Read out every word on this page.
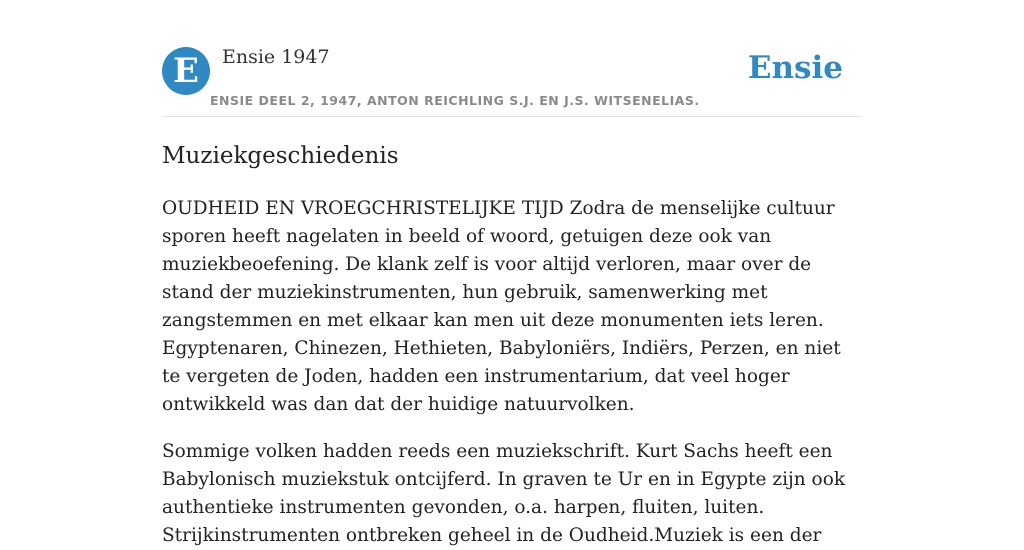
E	Ensie 1947
ENSIE DEEL 2, 1947, ANTON REICHLING S.J. EN J.S. WITSENELIAS.
Ensie
Muziekgeschiedenis

OUDHEID EN VROEGCHRISTELIJKE TIJD Zodra de menselijke cultuur sporen heeft nagelaten in beeld of woord, getuigen deze ook van muziekbeoefening. De klank zelf is voor altijd verloren, maar over de stand der muziekinstrumenten, hun gebruik, samenwerking met zangstemmen en met elkaar kan men uit deze monumenten iets leren. Egyptenaren, Chinezen, Hethieten, Babyloniërs, Indiërs, Perzen, en niet te vergeten de Joden, hadden een instrumentarium, dat veel hoger ontwikkeld was dan dat der huidige natuurvolken.

Sommige volken hadden reeds een muziekschrift. Kurt Sachs heeft een Babylonisch muziekstuk ontcijferd. In graven te Ur en in Egypte zijn ook authentieke instrumenten gevonden, o.a. harpen, fluiten, luiten. Strijkinstrumenten ontbreken geheel in de Oudheid.Muziek is een der
